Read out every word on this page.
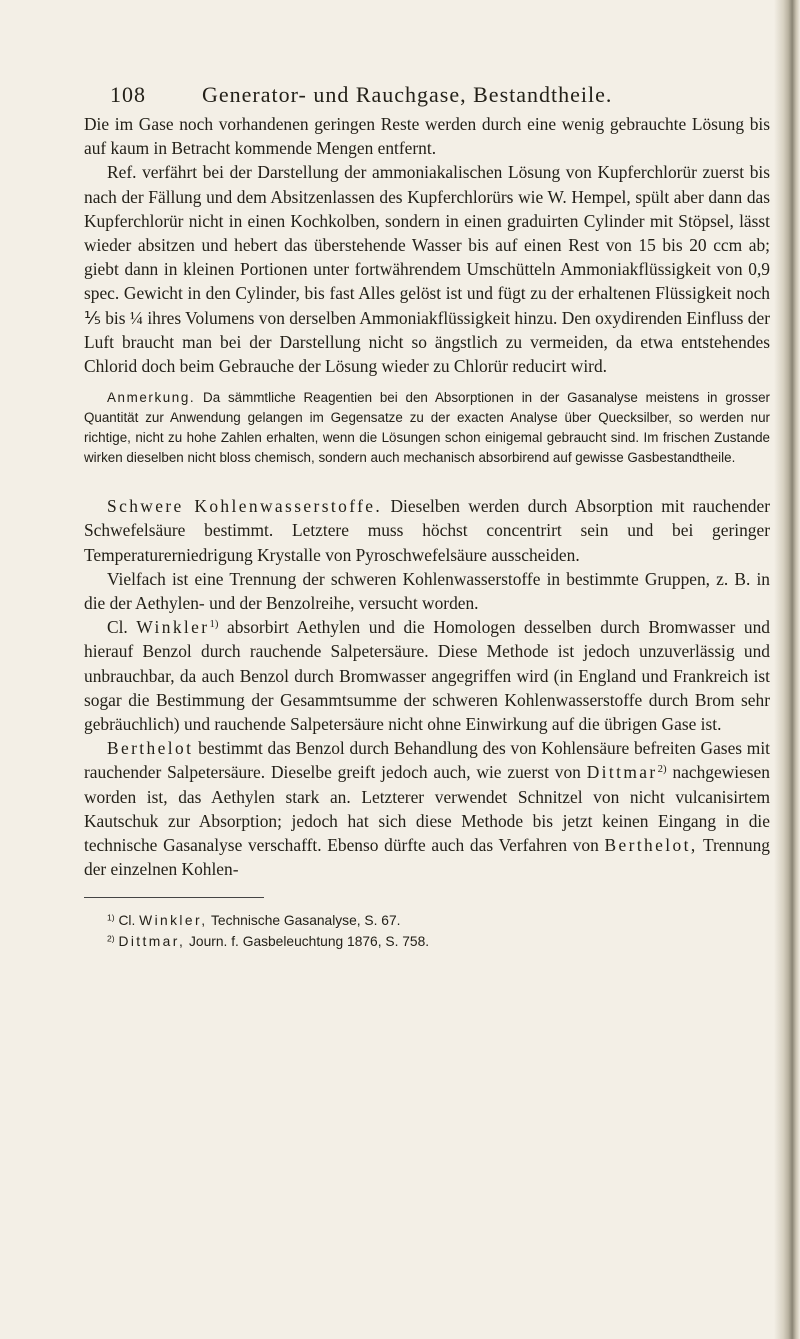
108	Generator- und Rauchgase, Bestandtheile.

Die im Gase noch vorhandenen geringen Reste werden durch eine wenig gebrauchte Lösung bis auf kaum in Betracht kommende Mengen entfernt.

Ref. verfährt bei der Darstellung der ammoniakalischen Lösung von Kupferchlorür zuerst bis nach der Fällung und dem Absitzenlassen des Kupferchlorürs wie W. Hempel, spült aber dann das Kupferchlorür nicht in einen Kochkolben, sondern in einen graduirten Cylinder mit Stöpsel, lässt wieder absitzen und hebert das überstehende Wasser bis auf einen Rest von 15 bis 20 ccm ab; giebt dann in kleinen Portionen unter fortwährendem Umschütteln Ammoniakflüssigkeit von 0,9 spec. Gewicht in den Cylinder, bis fast Alles gelöst ist und fügt zu der erhaltenen Flüssigkeit noch ⅕ bis ¼ ihres Volumens von derselben Ammoniakflüssigkeit hinzu. Den oxydirenden Einfluss der Luft braucht man bei der Darstellung nicht so ängstlich zu vermeiden, da etwa entstehendes Chlorid doch beim Gebrauche der Lösung wieder zu Chlorür reducirt wird.

Anmerkung. Da sämmtliche Reagentien bei den Absorptionen in der Gasanalyse meistens in grosser Quantität zur Anwendung gelangen im Gegensatze zu der exacten Analyse über Quecksilber, so werden nur richtige, nicht zu hohe Zahlen erhalten, wenn die Lösungen schon einigemal gebraucht sind. Im frischen Zustande wirken dieselben nicht bloss chemisch, sondern auch mechanisch absorbirend auf gewisse Gasbestandtheile.

Schwere Kohlenwasserstoffe. Dieselben werden durch Absorption mit rauchender Schwefelsäure bestimmt. Letztere muss höchst concentrirt sein und bei geringer Temperaturerniedrigung Krystalle von Pyroschwefelsäure ausscheiden.

Vielfach ist eine Trennung der schweren Kohlenwasserstoffe in bestimmte Gruppen, z. B. in die der Aethylen- und der Benzolreihe, versucht worden.

Cl. Winkler$^{1)}$ absorbirt Aethylen und die Homologen desselben durch Bromwasser und hierauf Benzol durch rauchende Salpetersäure. Diese Methode ist jedoch unzuverlässig und unbrauchbar, da auch Benzol durch Bromwasser angegriffen wird (in England und Frankreich ist sogar die Bestimmung der Gesammtsumme der schweren Kohlenwasserstoffe durch Brom sehr gebräuchlich) und rauchende Salpetersäure nicht ohne Einwirkung auf die übrigen Gase ist.

Berthelot bestimmt das Benzol durch Behandlung des von Kohlensäure befreiten Gases mit rauchender Salpetersäure. Dieselbe greift jedoch auch, wie zuerst von Dittmar$^{2)}$ nachgewiesen worden ist, das Aethylen stark an. Letzterer verwendet Schnitzel von nicht vulcanisirtem Kautschuk zur Absorption; jedoch hat sich diese Methode bis jetzt keinen Eingang in die technische Gasanalyse verschafft. Ebenso dürfte auch das Verfahren von Berthelot, Trennung der einzelnen Kohlen-

$^{1)}$ Cl. Winkler, Technische Gasanalyse, S. 67.
$^{2)}$ Dittmar, Journ. f. Gasbeleuchtung 1876, S. 758.
